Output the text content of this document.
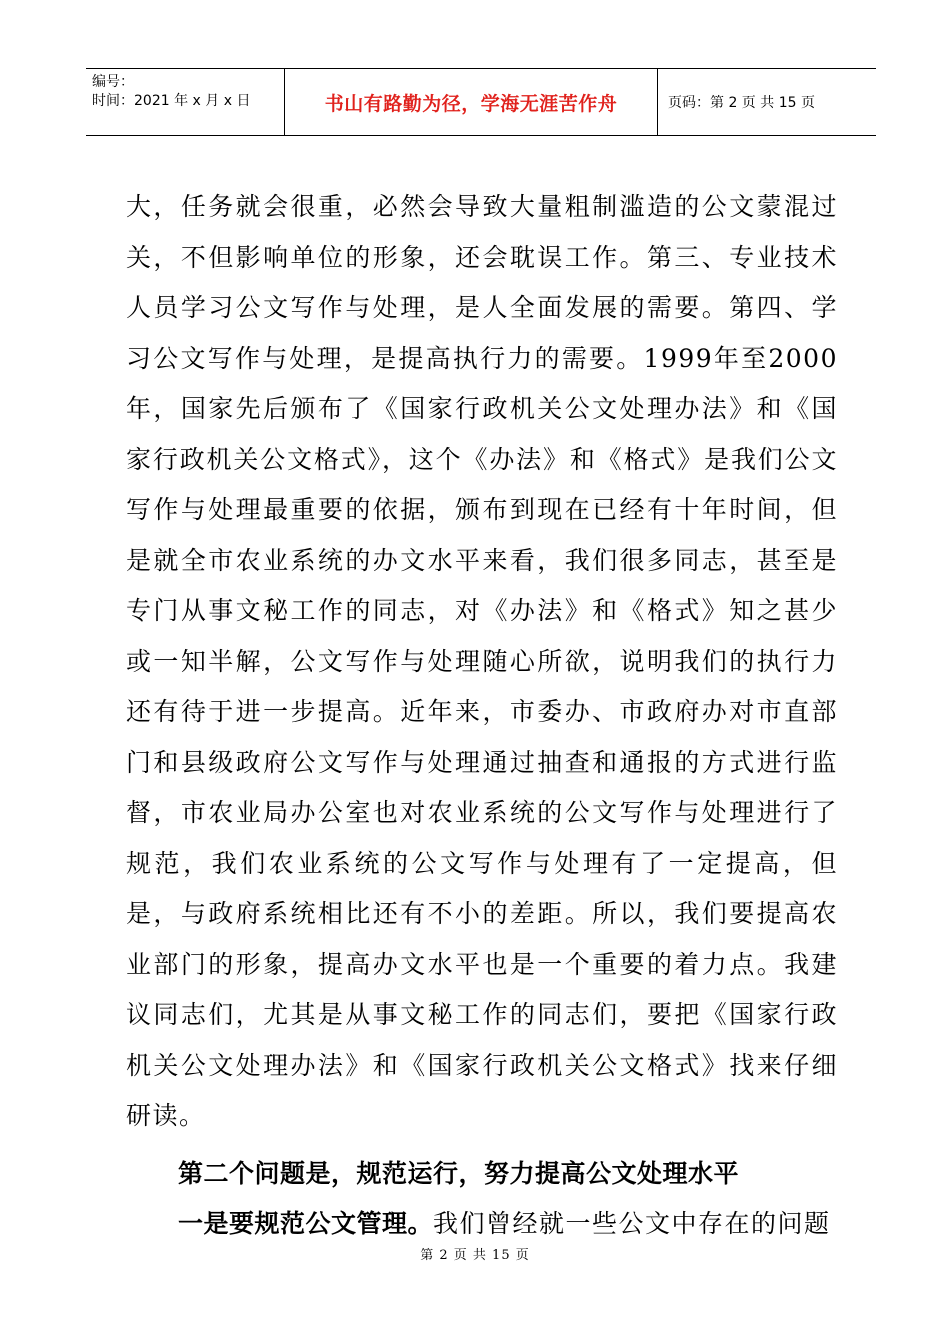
编号：
时间：2021 年 x 月 x 日	书山有路勤为径，学海无涯苦作舟	页码：第 2 页 共 15 页

大，任务就会很重，必然会导致大量粗制滥造的公文蒙混过关，不但影响单位的形象，还会耽误工作。第三、专业技术人员学习公文写作与处理，是人全面发展的需要。第四、学习公文写作与处理，是提高执行力的需要。1999年至2000年，国家先后颁布了《国家行政机关公文处理办法》和《国家行政机关公文格式》，这个《办法》和《格式》是我们公文写作与处理最重要的依据，颁布到现在已经有十年时间，但是就全市农业系统的办文水平来看，我们很多同志，甚至是专门从事文秘工作的同志，对《办法》和《格式》知之甚少或一知半解，公文写作与处理随心所欲，说明我们的执行力还有待于进一步提高。近年来，市委办、市政府办对市直部门和县级政府公文写作与处理通过抽查和通报的方式进行监督，市农业局办公室也对农业系统的公文写作与处理进行了规范，我们农业系统的公文写作与处理有了一定提高，但是，与政府系统相比还有不小的差距。所以，我们要提高农业部门的形象，提高办文水平也是一个重要的着力点。我建议同志们，尤其是从事文秘工作的同志们，要把《国家行政机关公文处理办法》和《国家行政机关公文格式》找来仔细研读。

第二个问题是，规范运行，努力提高公文处理水平

一是要规范公文管理。我们曾经就一些公文中存在的问题

第 2 页 共 15 页
